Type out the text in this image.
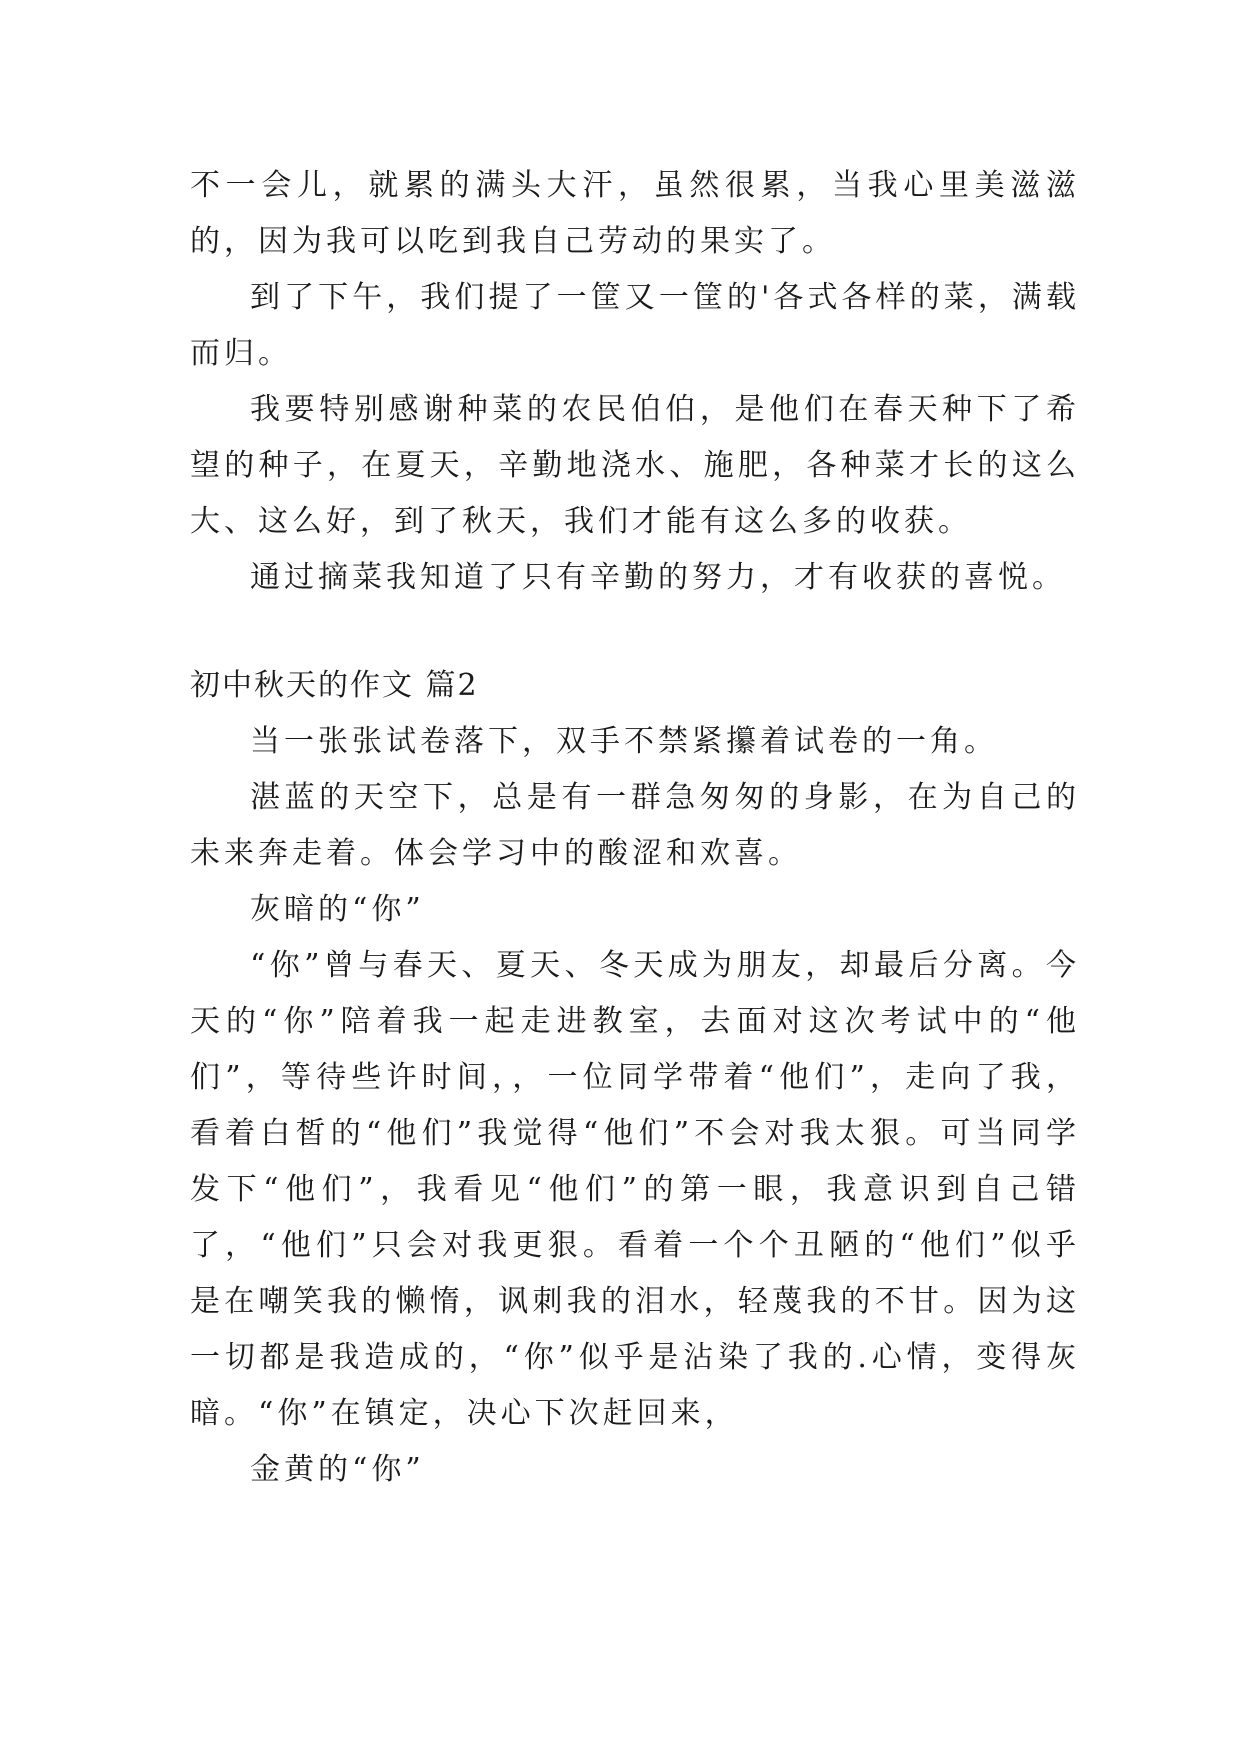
不一会儿，就累的满头大汗，虽然很累，当我心里美滋滋的，因为我可以吃到我自己劳动的果实了。

到了下午，我们提了一筐又一筐的'各式各样的菜，满载而归。

我要特别感谢种菜的农民伯伯，是他们在春天种下了希望的种子，在夏天，辛勤地浇水、施肥，各种菜才长的这么大、这么好，到了秋天，我们才能有这么多的收获。

通过摘菜我知道了只有辛勤的努力，才有收获的喜悦。

初中秋天的作文 篇2

当一张张试卷落下，双手不禁紧攥着试卷的一角。

湛蓝的天空下，总是有一群急匆匆的身影，在为自己的未来奔走着。体会学习中的酸涩和欢喜。

灰暗的“你”

“你”曾与春天、夏天、冬天成为朋友，却最后分离。今天的“你”陪着我一起走进教室，去面对这次考试中的“他们”，等待些许时间，，一位同学带着“他们”，走向了我，看着白皙的“他们”我觉得“他们”不会对我太狠。可当同学发下“他们”，我看见“他们”的第一眼，我意识到自己错了，“他们”只会对我更狠。看着一个个丑陋的“他们”似乎是在嘲笑我的懒惰，讽刺我的泪水，轻蔑我的不甘。因为这一切都是我造成的，“你”似乎是沾染了我的.心情，变得灰暗。“你”在镇定，决心下次赶回来，

金黄的“你”
